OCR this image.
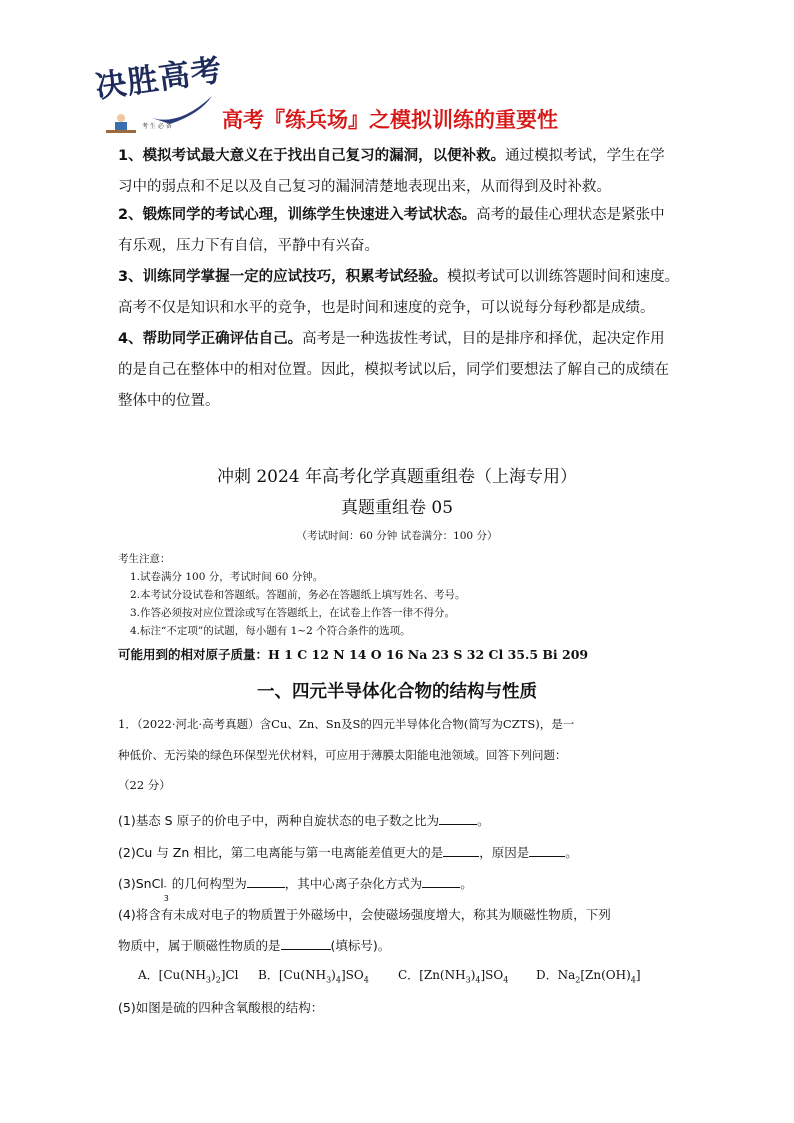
决胜高考
考 生 必 备 高考『练兵场』之模拟训练的重要性
1、模拟考试最大意义在于找出自己复习的漏洞，以便补救。通过模拟考试，学生在学
习中的弱点和不足以及自己复习的漏洞清楚地表现出来，从而得到及时补救。
2、锻炼同学的考试心理，训练学生快速进入考试状态。高考的最佳心理状态是紧张中
有乐观，压力下有自信，平静中有兴奋。
3、训练同学掌握一定的应试技巧，积累考试经验。模拟考试可以训练答题时间和速度。
高考不仅是知识和水平的竞争，也是时间和速度的竞争，可以说每分每秒都是成绩。
4、帮助同学正确评估自己。高考是一种选拔性考试，目的是排序和择优，起决定作用
的是自己在整体中的相对位置。因此，模拟考试以后，同学们要想法了解自己的成绩在
整体中的位置。
冲刺 2024 年高考化学真题重组卷（上海专用）
真题重组卷 05
（考试时间：60 分钟 试卷满分：100 分）
考生注意：
1.试卷满分 100 分，考试时间 60 分钟。
2.本考试分设试卷和答题纸。答题前，务必在答题纸上填写姓名、考号。
3.作答必须按对应位置涂或写在答题纸上，在试卷上作答一律不得分。
4.标注“不定项”的试题，每小题有 1~2 个符合条件的选项。
可能用到的相对原子质量：H 1 C 12 N 14 O 16 Na 23 S 32 Cl 35.5 Bi 209
一、四元半导体化合物的结构与性质
1．（2022·河北·高考真题）含Cu、Zn、Sn及S的四元半导体化合物(简写为CZTS)，是一
种低价、无污染的绿色环保型光伏材料，可应用于薄膜太阳能电池领域。回答下列问题：
（22 分）
(1)基态 S 原子的价电子中，两种自旋状态的电子数之比为	。
(2)Cu 与 Zn 相比，第二电离能与第一电离能差值更大的是	，原因是	。
(3)SnCl -
3
的几何构型为	，其中心离子杂化方式为	。
(4)将含有未成对电子的物质置于外磁场中，会使磁场强度增大，称其为顺磁性物质，下列
物质中，属于顺磁性物质的是	(填标号)。
A．$[Cu(NH_3)_2]Cl$ B．$[Cu(NH_3)_4]SO_4$ C．$[Zn(NH_3)_4]SO_4$ D．$Na_2[Zn(OH)_4]$
(5)如图是硫的四种含氧酸根的结构：
